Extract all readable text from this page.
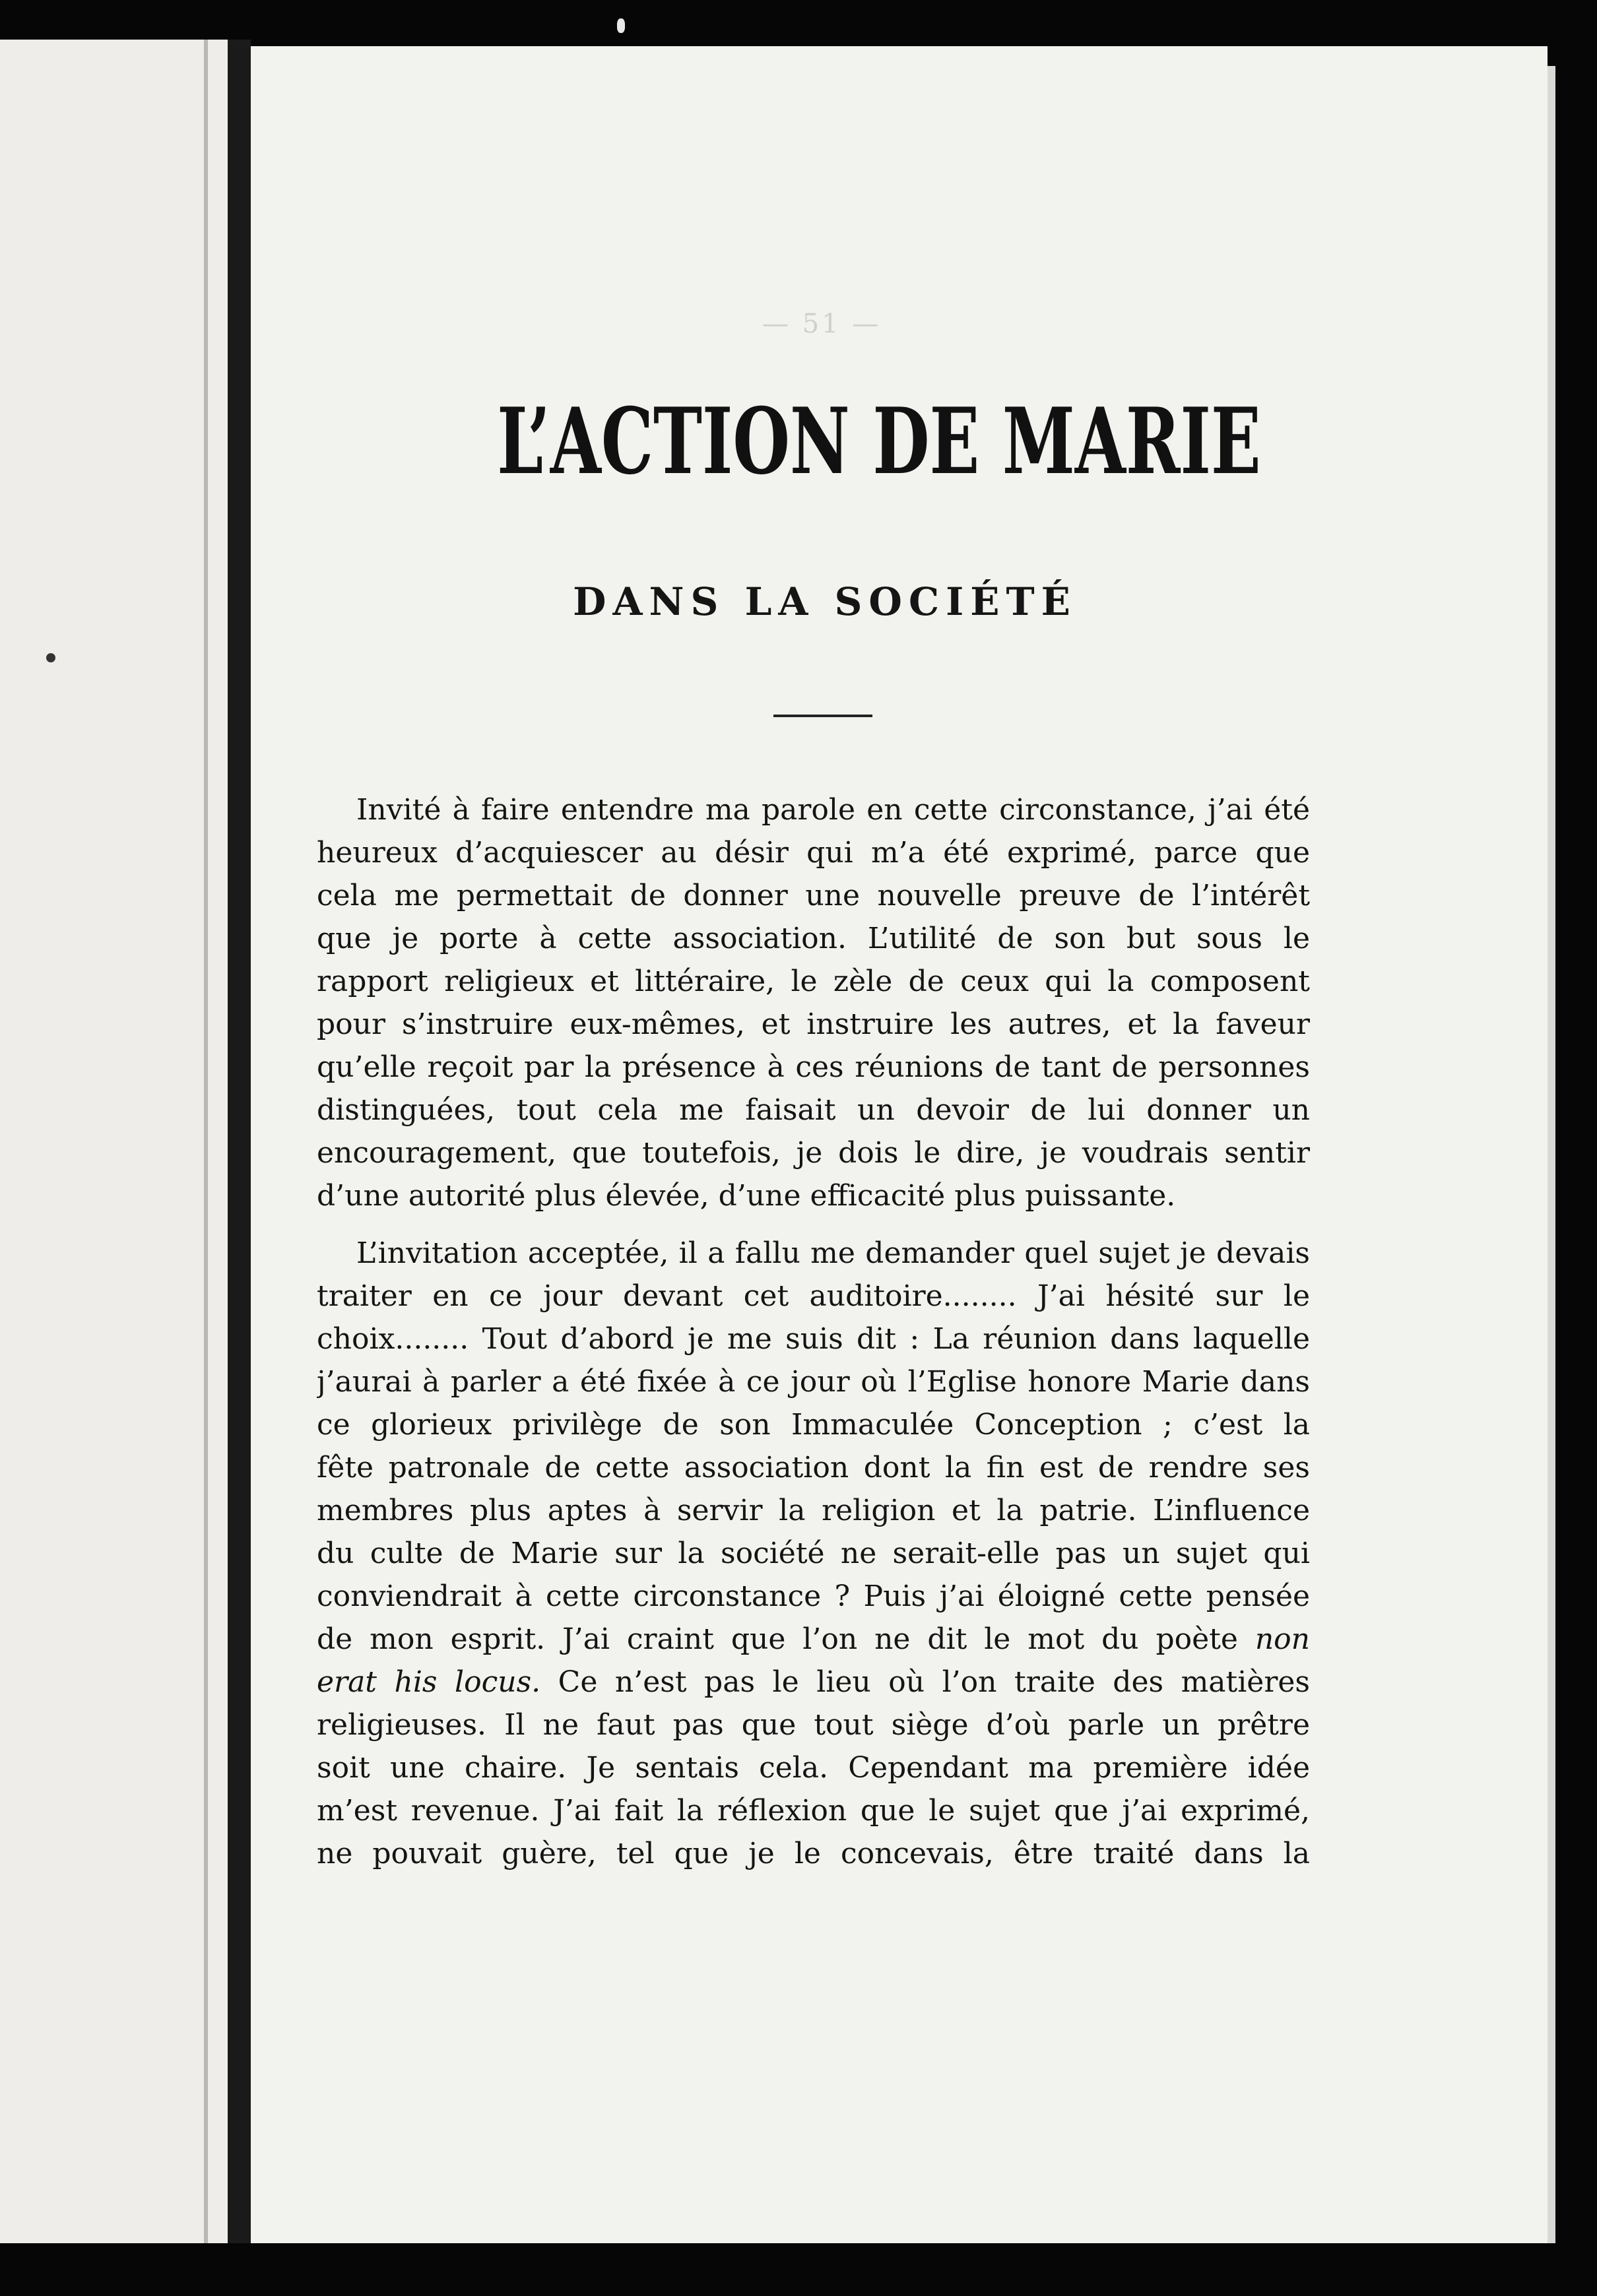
— 51 —
L’ACTION DE MARIE
DANS LA SOCIÉTÉ
Invité à faire entendre ma parole en cette circonstance, j’ai été
heureux d’acquiescer au désir qui m’a été exprimé, parce que
cela me permettait de donner une nouvelle preuve de l’intérêt
que je porte à cette association. L’utilité de son but sous le
rapport religieux et littéraire, le zèle de ceux qui la composent
pour s’instruire eux-mêmes, et instruire les autres, et la faveur
qu’elle reçoit par la présence à ces réunions de tant de personnes
distinguées, tout cela me faisait un devoir de lui donner un
encouragement, que toutefois, je dois le dire, je voudrais sentir
d’une autorité plus élevée, d’une efficacité plus puissante.
L’invitation acceptée, il a fallu me demander quel sujet je devais
traiter en ce jour devant cet auditoire........ J’ai hésité sur le
choix........ Tout d’abord je me suis dit : La réunion dans laquelle
j’aurai à parler a été fixée à ce jour où l’Eglise honore Marie dans
ce glorieux privilège de son Immaculée Conception ; c’est la
fête patronale de cette association dont la fin est de rendre ses
membres plus aptes à servir la religion et la patrie. L’influence
du culte de Marie sur la société ne serait-elle pas un sujet qui
conviendrait à cette circonstance ? Puis j’ai éloigné cette pensée
de mon esprit. J’ai craint que l’on ne dit le mot du poète non
erat his locus. Ce n’est pas le lieu où l’on traite des matières
religieuses. Il ne faut pas que tout siège d’où parle un prêtre
soit une chaire. Je sentais cela. Cependant ma première idée
m’est revenue. J’ai fait la réflexion que le sujet que j’ai exprimé,
ne pouvait guère, tel que je le concevais, être traité dans la
